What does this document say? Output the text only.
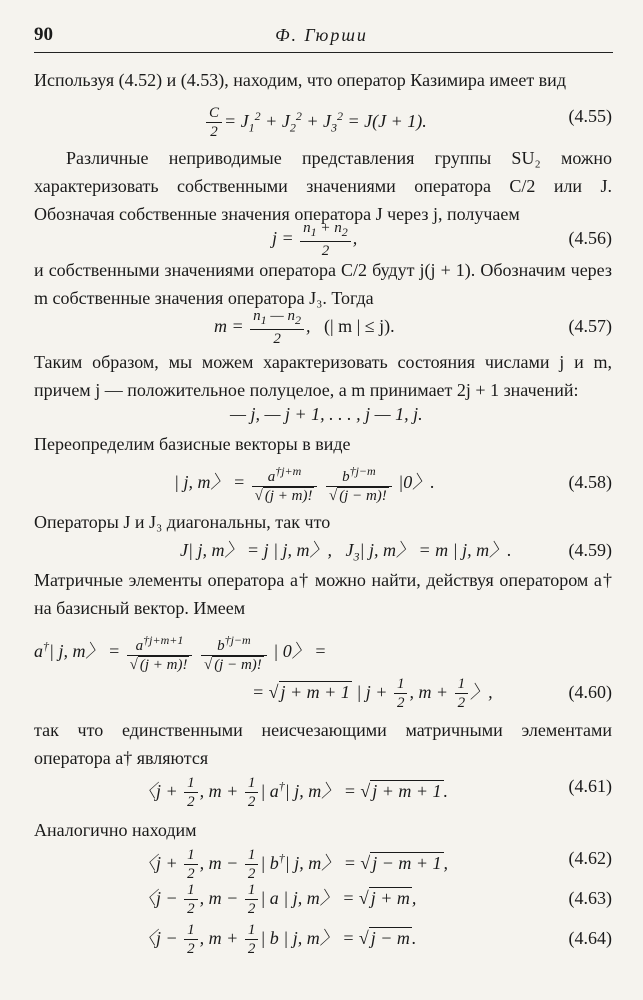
90	Ф. Гюрши
Используя (4.52) и (4.53), находим, что оператор Казимира имеет вид
$\frac{C}{2} = J_1^2 + J_2^2 + J_3^2 = J(J + 1)$.	(4.55)
Различные неприводимые представления группы SU₂ можно характеризовать собственными значениями оператора C/2 или J. Обозначая собственные значения оператора J через j, получаем
$j = \frac{n_1 + n_2}{2}$ ,	(4.56)
и собственными значениями оператора C/2 будут j(j + 1). Обозначим через m собственные значения оператора J₃. Тогда
$m = \frac{n_1 — n_2}{2}$ ,   (| m | ≤ j).	(4.57)
Таким образом, мы можем характеризовать состояния числами j и m, причем j — положительное полуцелое, а m принимает 2j + 1 значений:
— j, — j + 1, . . . , j — 1, j.
Переопределим базисные векторы в виде
| j, m〉 = $\frac{a^{\dagger j+m}}{√ (j + m)!}$
$\frac{b^{\dagger j-m}}{√ (j - m)!} |0$〉.	(4.58)
Операторы J и J₃ диагональны, так что
J| j, m〉 = j | j, m〉,   $J_3|$ j, m〉 = m | j, m〉.	(4.59)
Матричные элементы оператора a† можно найти, действуя оператором a† на базисный вектор. Имеем
a†| j, m〉 = $\frac{a^{\dagger j+m+1}}{√ (j + m)!}$
$\frac{b^{\dagger j-m}}{√ (j - m)!}$ | 0〉 =
= √ j + m + 1 | $j + \frac{1}{2}$ , $m + \frac{1}{2}$ 〉,	(4.60)
так что единственными неисчезающими матричными элементами оператора a† являются
〈$j + \frac{1}{2}$ , $m + \frac{1}{2}$ | a†| j, m〉 = √ j + m + 1 .	(4.61)
Аналогично находим
〈$j + \frac{1}{2}$ , $m - \frac{1}{2}$ | b†| j, m〉 = √ j − m + 1 ,	(4.62)
〈$j - \frac{1}{2}$ , $m - \frac{1}{2}$ | a | j, m〉 = √ j + m ,	(4.63)
〈$j - \frac{1}{2}$ , $m + \frac{1}{2}$ | b | j, m〉 = √ j − m .	(4.64)
